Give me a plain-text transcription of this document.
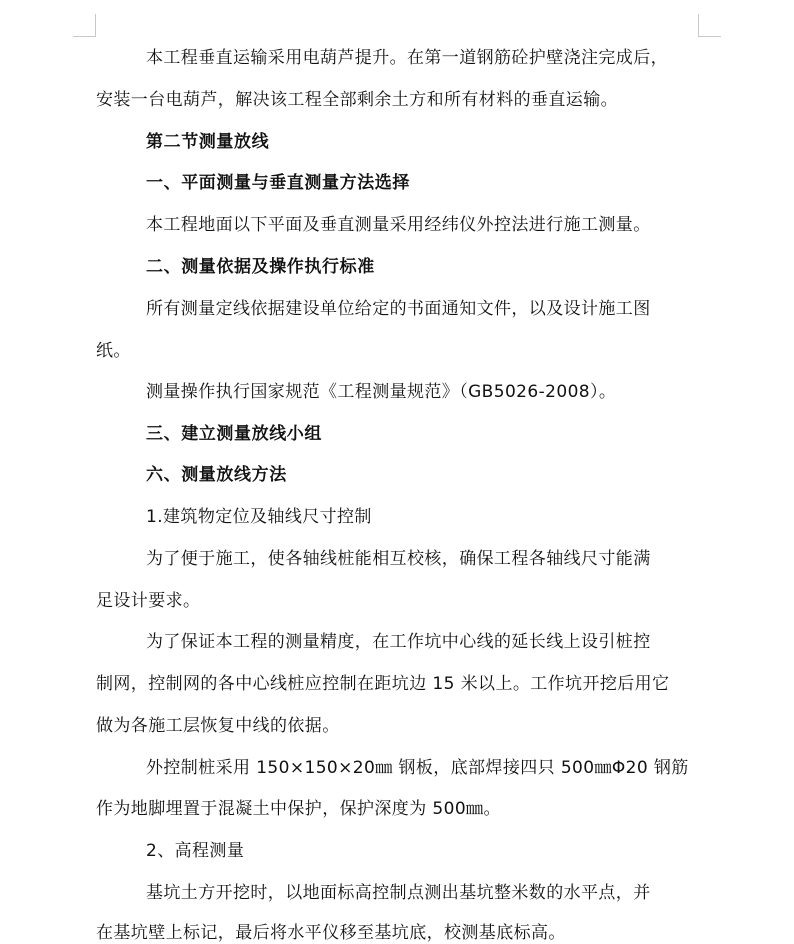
本工程垂直运输采用电葫芦提升。在第一道钢筋砼护壁浇注完成后，
安装一台电葫芦，解决该工程全部剩余土方和所有材料的垂直运输。
第二节测量放线
一、平面测量与垂直测量方法选择
本工程地面以下平面及垂直测量采用经纬仪外控法进行施工测量。
二、测量依据及操作执行标准
所有测量定线依据建设单位给定的书面通知文件，以及设计施工图
纸。
测量操作执行国家规范《工程测量规范》（GB5026-2008）。
三、建立测量放线小组
六、测量放线方法
1.建筑物定位及轴线尺寸控制
为了便于施工，使各轴线桩能相互校核，确保工程各轴线尺寸能满
足设计要求。
为了保证本工程的测量精度，在工作坑中心线的延长线上设引桩控
制网，控制网的各中心线桩应控制在距坑边 15 米以上。工作坑开挖后用它
做为各施工层恢复中线的依据。
外控制桩采用 150×150×20㎜ 钢板，底部焊接四只 500㎜Φ20 钢筋
作为地脚埋置于混凝土中保护，保护深度为 500㎜。
2、高程测量
基坑土方开挖时，以地面标高控制点测出基坑整米数的水平点，并
在基坑壁上标记，最后将水平仪移至基坑底，校测基底标高。
